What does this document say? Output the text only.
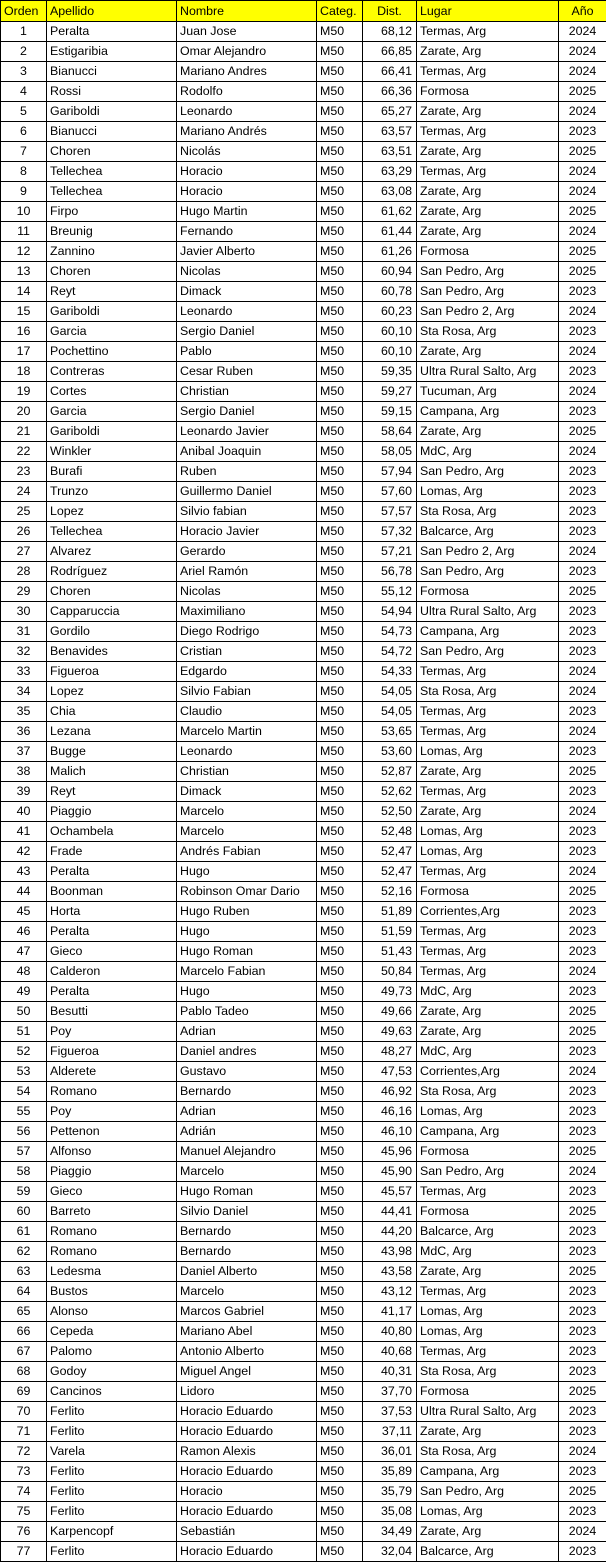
Orden	Apellido	Nombre	Categ.	Dist.	Lugar	Año
1	Peralta	Juan Jose	M50	68,12	Termas, Arg	2024
2	Estigaribia	Omar Alejandro	M50	66,85	Zarate, Arg	2024
3	Bianucci	Mariano Andres	M50	66,41	Termas, Arg	2024
4	Rossi	Rodolfo	M50	66,36	Formosa	2025
5	Gariboldi	Leonardo	M50	65,27	Zarate, Arg	2024
6	Bianucci	Mariano Andrés	M50	63,57	Termas, Arg	2023
7	Choren	Nicolás	M50	63,51	Zarate, Arg	2025
8	Tellechea	Horacio	M50	63,29	Termas, Arg	2024
9	Tellechea	Horacio	M50	63,08	Zarate, Arg	2024
10	Firpo	Hugo Martin	M50	61,62	Zarate, Arg	2025
11	Breunig	Fernando	M50	61,44	Zarate, Arg	2024
12	Zannino	Javier Alberto	M50	61,26	Formosa	2025
13	Choren	Nicolas	M50	60,94	San Pedro, Arg	2025
14	Reyt	Dimack	M50	60,78	San Pedro, Arg	2023
15	Gariboldi	Leonardo	M50	60,23	San Pedro 2, Arg	2024
16	Garcia	Sergio Daniel	M50	60,10	Sta Rosa, Arg	2023
17	Pochettino	Pablo	M50	60,10	Zarate, Arg	2024
18	Contreras	Cesar Ruben	M50	59,35	Ultra Rural Salto, Arg	2023
19	Cortes	Christian	M50	59,27	Tucuman, Arg	2024
20	Garcia	Sergio Daniel	M50	59,15	Campana, Arg	2023
21	Gariboldi	Leonardo Javier	M50	58,64	Zarate, Arg	2025
22	Winkler	Anibal Joaquin	M50	58,05	MdC, Arg	2024
23	Burafi	Ruben	M50	57,94	San Pedro, Arg	2023
24	Trunzo	Guillermo Daniel	M50	57,60	Lomas, Arg	2023
25	Lopez	Silvio fabian	M50	57,57	Sta Rosa, Arg	2023
26	Tellechea	Horacio Javier	M50	57,32	Balcarce, Arg	2023
27	Alvarez	Gerardo	M50	57,21	San Pedro 2, Arg	2024
28	Rodríguez	Ariel Ramón	M50	56,78	San Pedro, Arg	2023
29	Choren	Nicolas	M50	55,12	Formosa	2025
30	Capparuccia	Maximiliano	M50	54,94	Ultra Rural Salto, Arg	2023
31	Gordilo	Diego Rodrigo	M50	54,73	Campana, Arg	2023
32	Benavides	Cristian	M50	54,72	San Pedro, Arg	2023
33	Figueroa	Edgardo	M50	54,33	Termas, Arg	2024
34	Lopez	Silvio Fabian	M50	54,05	Sta Rosa, Arg	2024
35	Chia	Claudio	M50	54,05	Termas, Arg	2023
36	Lezana	Marcelo Martin	M50	53,65	Termas, Arg	2024
37	Bugge	Leonardo	M50	53,60	Lomas, Arg	2023
38	Malich	Christian	M50	52,87	Zarate, Arg	2025
39	Reyt	Dimack	M50	52,62	Termas, Arg	2023
40	Piaggio	Marcelo	M50	52,50	Zarate, Arg	2024
41	Ochambela	Marcelo	M50	52,48	Lomas, Arg	2023
42	Frade	Andrés Fabian	M50	52,47	Lomas, Arg	2023
43	Peralta	Hugo	M50	52,47	Termas, Arg	2024
44	Boonman	Robinson Omar Dario	M50	52,16	Formosa	2025
45	Horta	Hugo Ruben	M50	51,89	Corrientes,Arg	2023
46	Peralta	Hugo	M50	51,59	Termas, Arg	2023
47	Gieco	Hugo Roman	M50	51,43	Termas, Arg	2023
48	Calderon	Marcelo Fabian	M50	50,84	Termas, Arg	2024
49	Peralta	Hugo	M50	49,73	MdC, Arg	2023
50	Besutti	Pablo Tadeo	M50	49,66	Zarate, Arg	2025
51	Poy	Adrian	M50	49,63	Zarate, Arg	2025
52	Figueroa	Daniel andres	M50	48,27	MdC, Arg	2023
53	Alderete	Gustavo	M50	47,53	Corrientes,Arg	2024
54	Romano	Bernardo	M50	46,92	Sta Rosa, Arg	2023
55	Poy	Adrian	M50	46,16	Lomas, Arg	2023
56	Pettenon	Adrián	M50	46,10	Campana, Arg	2023
57	Alfonso	Manuel Alejandro	M50	45,96	Formosa	2025
58	Piaggio	Marcelo	M50	45,90	San Pedro, Arg	2024
59	Gieco	Hugo Roman	M50	45,57	Termas, Arg	2023
60	Barreto	Silvio Daniel	M50	44,41	Formosa	2025
61	Romano	Bernardo	M50	44,20	Balcarce, Arg	2023
62	Romano	Bernardo	M50	43,98	MdC, Arg	2023
63	Ledesma	Daniel Alberto	M50	43,58	Zarate, Arg	2025
64	Bustos	Marcelo	M50	43,12	Termas, Arg	2023
65	Alonso	Marcos Gabriel	M50	41,17	Lomas, Arg	2023
66	Cepeda	Mariano Abel	M50	40,80	Lomas, Arg	2023
67	Palomo	Antonio Alberto	M50	40,68	Termas, Arg	2023
68	Godoy	Miguel Angel	M50	40,31	Sta Rosa, Arg	2023
69	Cancinos	Lidoro	M50	37,70	Formosa	2025
70	Ferlito	Horacio Eduardo	M50	37,53	Ultra Rural Salto, Arg	2023
71	Ferlito	Horacio Eduardo	M50	37,11	Zarate, Arg	2023
72	Varela	Ramon Alexis	M50	36,01	Sta Rosa, Arg	2024
73	Ferlito	Horacio Eduardo	M50	35,89	Campana, Arg	2023
74	Ferlito	Horacio	M50	35,79	San Pedro, Arg	2025
75	Ferlito	Horacio Eduardo	M50	35,08	Lomas, Arg	2023
76	Karpencopf	Sebastián	M50	34,49	Zarate, Arg	2024
77	Ferlito	Horacio Eduardo	M50	32,04	Balcarce, Arg	2023
